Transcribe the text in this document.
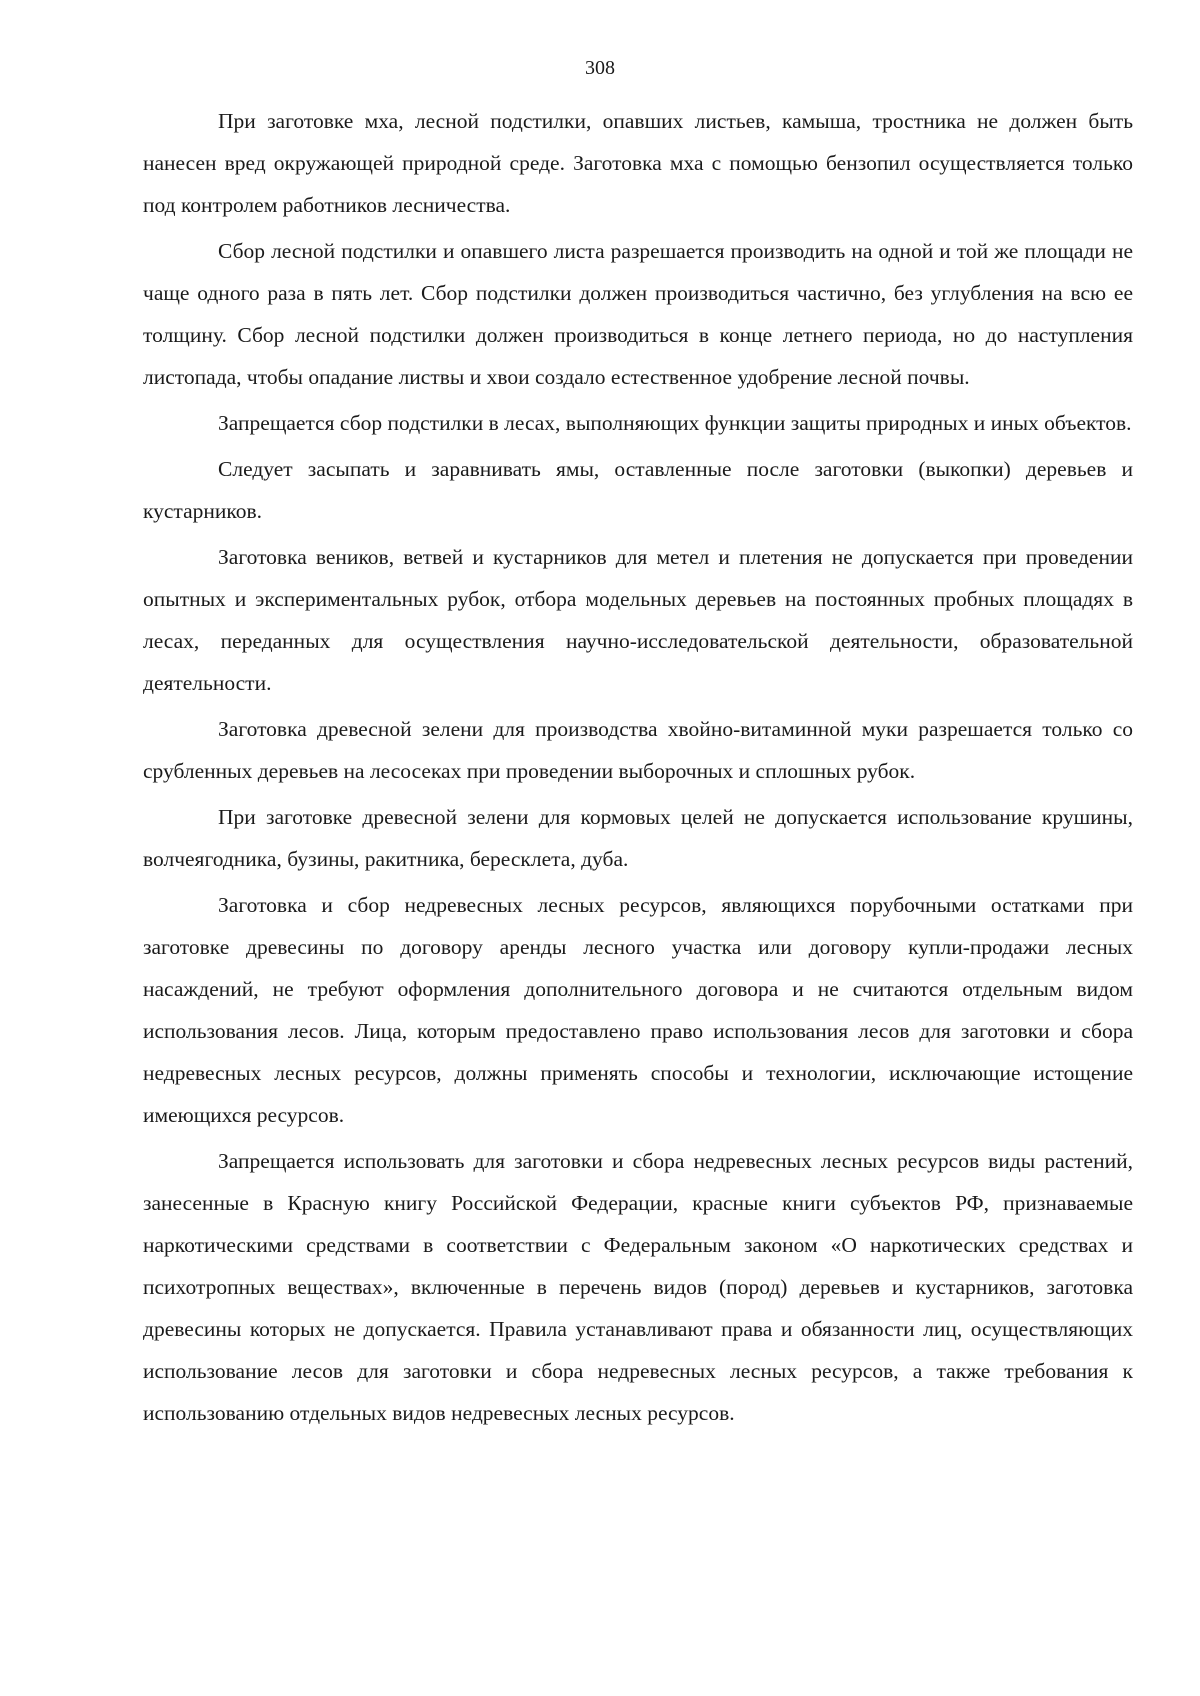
308

При заготовке мха, лесной подстилки, опавших листьев, камыша, тростника не должен быть нанесен вред окружающей природной среде. Заготовка мха с помощью бензопил осуществляется только под контролем работников лесничества.

Сбор лесной подстилки и опавшего листа разрешается производить на одной и той же площади не чаще одного раза в пять лет. Сбор подстилки должен производиться частично, без углубления на всю ее толщину. Сбор лесной подстилки должен производиться в конце летнего периода, но до наступления листопада, чтобы опадание листвы и хвои создало естественное удобрение лесной почвы.

Запрещается сбор подстилки в лесах, выполняющих функции защиты природных и иных объектов.

Следует засыпать и заравнивать ямы, оставленные после заготовки (выкопки) деревьев и кустарников.

Заготовка веников, ветвей и кустарников для метел и плетения не допускается при проведении опытных и экспериментальных рубок, отбора модельных деревьев на постоянных пробных площадях в лесах, переданных для осуществления научно-исследовательской деятельности, образовательной деятельности.

Заготовка древесной зелени для производства хвойно-витаминной муки разрешается только со срубленных деревьев на лесосеках при проведении выборочных и сплошных рубок.

При заготовке древесной зелени для кормовых целей не допускается использование крушины, волчеягодника, бузины, ракитника, бересклета, дуба.

Заготовка и сбор недревесных лесных ресурсов, являющихся порубочными остатками при заготовке древесины по договору аренды лесного участка или договору купли-продажи лесных насаждений, не требуют оформления дополнительного договора и не считаются отдельным видом использования лесов. Лица, которым предоставлено право использования лесов для заготовки и сбора недревесных лесных ресурсов, должны применять способы и технологии, исключающие истощение имеющихся ресурсов.

Запрещается использовать для заготовки и сбора недревесных лесных ресурсов виды растений, занесенные в Красную книгу Российской Федерации, красные книги субъектов РФ, признаваемые наркотическими средствами в соответствии с Федеральным законом «О наркотических средствах и психотропных веществах», включенные в перечень видов (пород) деревьев и кустарников, заготовка древесины которых не допускается. Правила устанавливают права и обязанности лиц, осуществляющих использование лесов для заготовки и сбора недревесных лесных ресурсов, а также требования к использованию отдельных видов недревесных лесных ресурсов.
